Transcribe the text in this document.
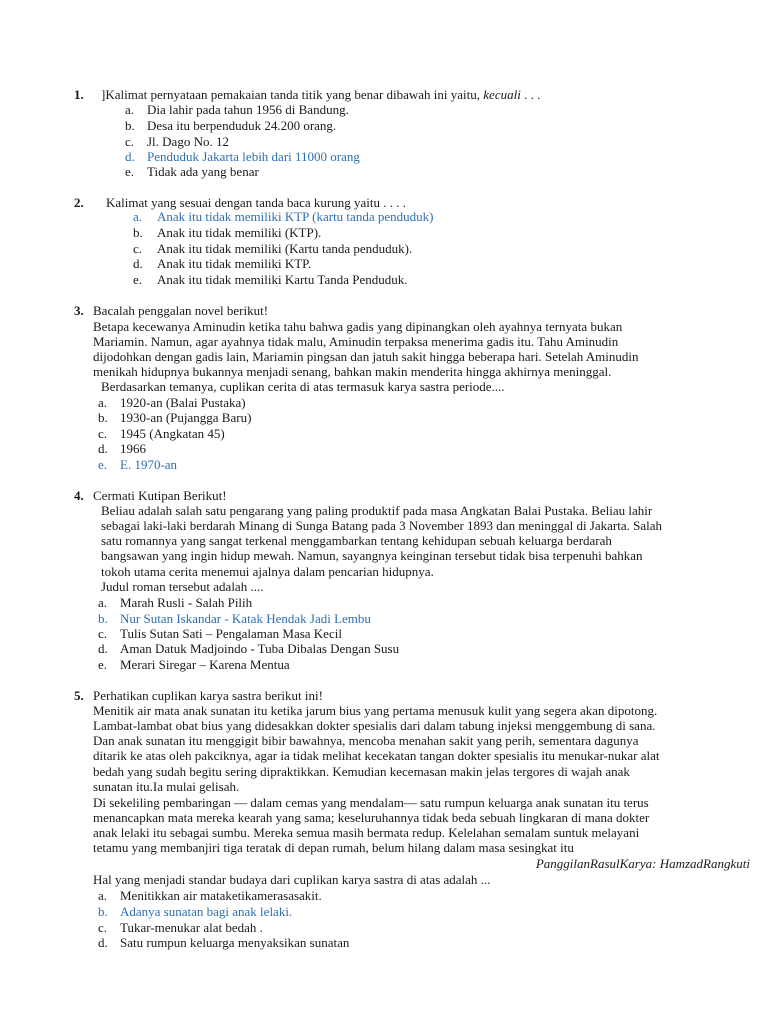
1. ]Kalimat pernyataan pemakaian tanda titik yang benar dibawah ini yaitu, kecuali . . .
a. Dia lahir pada tahun 1956 di Bandung.
b. Desa itu berpenduduk 24.200 orang.
c. Jl. Dago No. 12
d. Penduduk Jakarta lebih dari 11000 orang
e. Tidak ada yang benar
2. Kalimat yang sesuai dengan tanda baca kurung yaitu . . . .
a. Anak itu tidak memiliki KTP (kartu tanda penduduk)
b. Anak itu tidak memiliki (KTP).
c. Anak itu tidak memiliki (Kartu tanda penduduk).
d. Anak itu tidak memiliki KTP.
e. Anak itu tidak memiliki Kartu Tanda Penduduk.
3. Bacalah penggalan novel berikut!
Betapa kecewanya Aminudin ketika tahu bahwa gadis yang dipinangkan oleh ayahnya ternyata bukan
Mariamin. Namun, agar ayahnya tidak malu, Aminudin terpaksa menerima gadis itu. Tahu Aminudin
dijodohkan dengan gadis lain, Mariamin pingsan dan jatuh sakit hingga beberapa hari. Setelah Aminudin
menikah hidupnya bukannya menjadi senang, bahkan makin menderita hingga akhirnya meninggal.
Berdasarkan temanya, cuplikan cerita di atas termasuk karya sastra periode....
a. 1920-an (Balai Pustaka)
b. 1930-an (Pujangga Baru)
c. 1945 (Angkatan 45)
d. 1966
e. E. 1970-an
4. Cermati Kutipan Berikut!
Beliau adalah salah satu pengarang yang paling produktif pada masa Angkatan Balai Pustaka. Beliau lahir
sebagai laki-laki berdarah Minang di Sunga Batang pada 3 November 1893 dan meninggal di Jakarta. Salah
satu romannya yang sangat terkenal menggambarkan tentang kehidupan sebuah keluarga berdarah
bangsawan yang ingin hidup mewah. Namun, sayangnya keinginan tersebut tidak bisa terpenuhi bahkan
tokoh utama cerita menemui ajalnya dalam pencarian hidupnya.
Judul roman tersebut adalah ....
a. Marah Rusli - Salah Pilih
b. Nur Sutan Iskandar - Katak Hendak Jadi Lembu
c. Tulis Sutan Sati – Pengalaman Masa Kecil
d. Aman Datuk Madjoindo - Tuba Dibalas Dengan Susu
e. Merari Siregar – Karena Mentua
5. Perhatikan cuplikan karya sastra berikut ini!
Menitik air mata anak sunatan itu ketika jarum bius yang pertama menusuk kulit yang segera akan dipotong.
Lambat-lambat obat bius yang didesakkan dokter spesialis dari dalam tabung injeksi menggembung di sana.
Dan anak sunatan itu menggigit bibir bawahnya, mencoba menahan sakit yang perih, sementara dagunya
ditarik ke atas oleh pakciknya, agar ia tidak melihat kecekatan tangan dokter spesialis itu menukar-nukar alat
bedah yang sudah begitu sering dipraktikkan. Kemudian kecemasan makin jelas tergores di wajah anak
sunatan itu.Ia mulai gelisah.
Di sekeliling pembaringan — dalam cemas yang mendalam— satu rumpun keluarga anak sunatan itu terus
menancapkan mata mereka kearah yang sama; keseluruhannya tidak beda sebuah lingkaran di mana dokter
anak lelaki itu sebagai sumbu. Mereka semua masih bermata redup. Kelelahan semalam suntuk melayani
tetamu yang membanjiri tiga teratak di depan rumah, belum hilang dalam masa sesingkat itu
PanggilanRasulKarya: HamzadRangkuti
Hal yang menjadi standar budaya dari cuplikan karya sastra di atas adalah ...
a. Menitikkan air mataketikamerasasakit.
b. Adanya sunatan bagi anak lelaki.
c. Tukar-menukar alat bedah .
d. Satu rumpun keluarga menyaksikan sunatan
